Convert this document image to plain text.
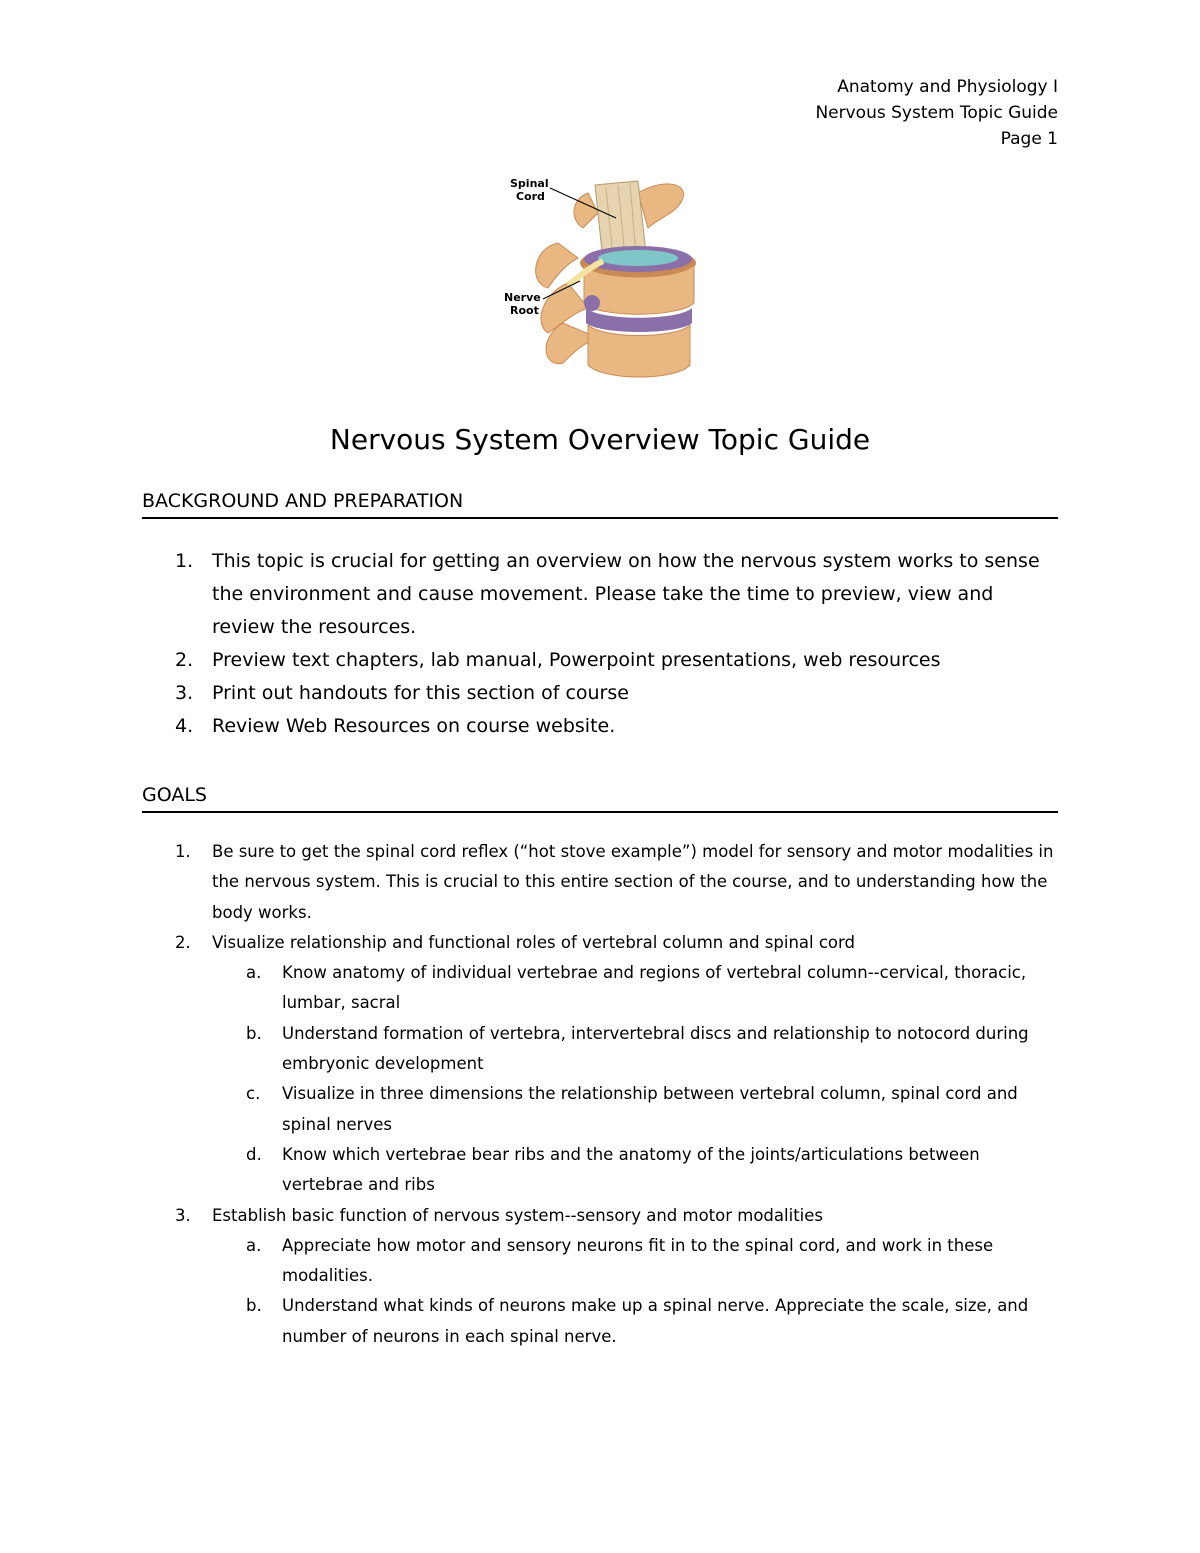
Anatomy and Physiology I
Nervous System Topic Guide
Page 1
Spinal
Cord
Nerve
Root
Nervous System Overview Topic Guide
BACKGROUND AND PREPARATION
1. This topic is crucial for getting an overview on how the nervous system works to sense the environment and cause movement. Please take the time to preview, view and review the resources.
2. Preview text chapters, lab manual, Powerpoint presentations, web resources
3. Print out handouts for this section of course
4. Review Web Resources on course website.
GOALS
1. Be sure to get the spinal cord reflex (“hot stove example”) model for sensory and motor modalities in the nervous system. This is crucial to this entire section of the course, and to understanding how the body works.
2. Visualize relationship and functional roles of vertebral column and spinal cord
a. Know anatomy of individual vertebrae and regions of vertebral column--cervical, thoracic, lumbar, sacral
b. Understand formation of vertebra, intervertebral discs and relationship to notocord during embryonic development
c. Visualize in three dimensions the relationship between vertebral column, spinal cord and spinal nerves
d. Know which vertebrae bear ribs and the anatomy of the joints/articulations between vertebrae and ribs
3. Establish basic function of nervous system--sensory and motor modalities
a. Appreciate how motor and sensory neurons fit in to the spinal cord, and work in these modalities.
b. Understand what kinds of neurons make up a spinal nerve. Appreciate the scale, size, and number of neurons in each spinal nerve.
